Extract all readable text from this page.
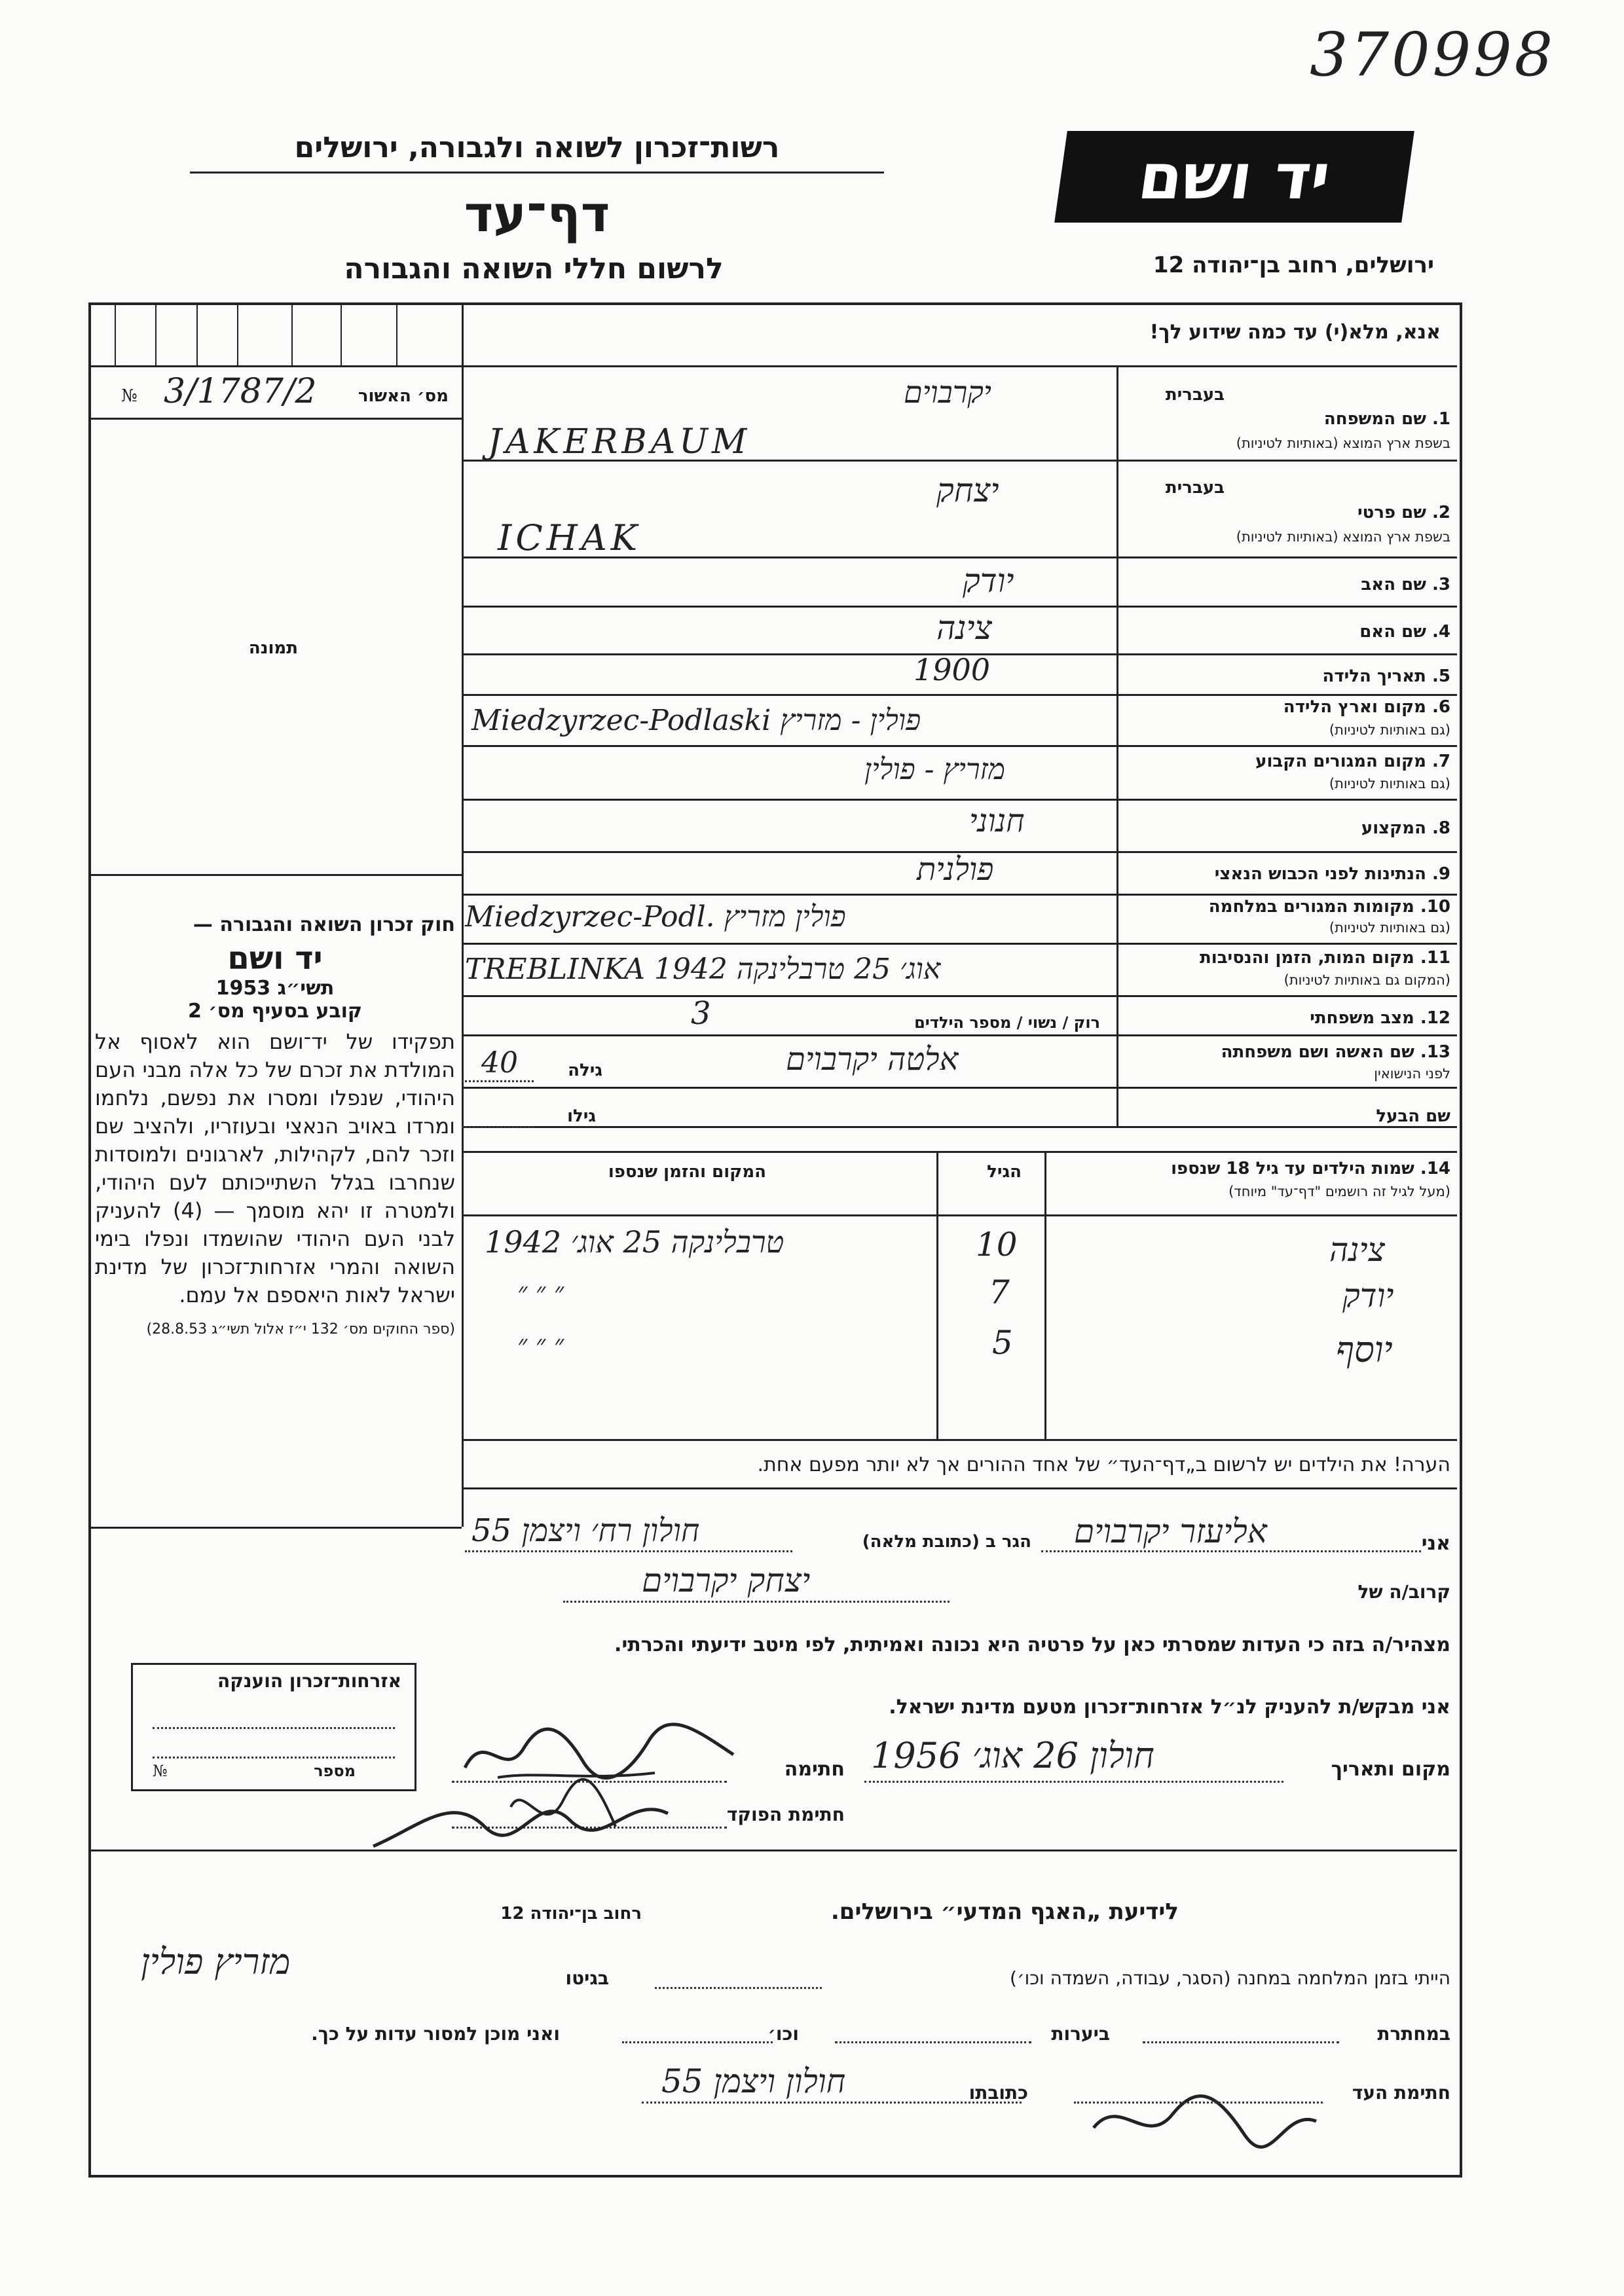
370998
רשות־זכרון לשואה ולגבורה, ירושלים
דף־עד
לרשום חללי השואה והגבורה
יד ושם
ירושלים, רחוב בן־יהודה 12
אנא, מלא(י) עד כמה שידוע לך!
מס׳ האשור
3/1787/2
№
תמונה
בעברית
1. שם המשפחה
בשפת ארץ המוצא (באותיות לטיניות)
יקרבוים
JAKERBAUM
בעברית
2. שם פרטי
בשפת ארץ המוצא (באותיות לטיניות)
יצחק
ICHAK
3. שם האב
יודק
4. שם האם
צינה
5. תאריך הלידה
1900
6. מקום וארץ הלידה
(גם באותיות לטיניות)
Miedzyrzec-Podlaski פולין - מזריץ
7. מקום המגורים הקבוע
(גם באותיות לטיניות)
מזריץ - פולין
8. המקצוע
חנוני
9. הנתינות לפני הכבוש הנאצי
פולנית
10. מקומות המגורים במלחמה
(גם באותיות לטיניות)
Miedzyrzec-Podl. פולין מזריץ
11. מקום המות, הזמן והנסיבות
(המקום גם באותיות לטיניות)
TREBLINKA 1942 אוג׳ 25 טרבלינקה
12. מצב משפחתי
רוק / נשוי / מספר הילדים
3
13. שם האשה ושם משפחתה
לפני הנישואין
אלטה יקרבוים
גילה
40
שם הבעל
גילו
14. שמות הילדים עד גיל 18 שנספו
(מעל לגיל זה רושמים "דף־עד" מיוחד)
הגיל
המקום והזמן שנספו
צינה
10
טרבלינקה 25 אוג׳ 1942
יודק
7
״ ״ ״
יוסף
5
״ ״ ״
הערה! את הילדים יש לרשום ב„דף־העד״ של אחד ההורים אך לא יותר מפעם אחת.
חוק זכרון השואה והגבורה —
יד ושם
תשי״ג 1953
קובע בסעיף מס׳ 2
תפקידו של יד־ושם הוא לאסוף אל המולדת את זכרם של כל אלה מבני העם היהודי, שנפלו ומסרו את נפשם, נלחמו ומרדו באויב הנאצי ובעוזריו, ולהציב שם וזכר להם, לקהילות, לארגונים ולמוסדות שנחרבו בגלל השתייכותם לעם היהודי, ולמטרה זו יהא מוסמך — (4) להעניק לבני העם היהודי שהושמדו ונפלו בימי השואה והמרי אזרחות־זכרון של מדינת ישראל לאות היאספם אל עמם.
(ספר החוקים מס׳ 132 י״ז אלול תשי״ג 28.8.53)
אני
אליעזר יקרבוים
הגר ב (כתובת מלאה)
חולון רח׳ ויצמן 55
קרוב/ה של
יצחק יקרבוים
מצהיר/ה בזה כי העדות שמסרתי כאן על פרטיה היא נכונה ואמיתית, לפי מיטב ידיעתי והכרתי.
אני מבקש/ת להעניק לנ״ל אזרחות־זכרון מטעם מדינת ישראל.
מקום ותאריך
חולון 26 אוג׳ 1956
חתימה
חתימת הפוקד
אזרחות־זכרון הוענקה
№	מספר
לידיעת „האגף המדעי״ בירושלים.
רחוב בן־יהודה 12
הייתי בזמן המלחמה במחנה (הסגר, עבודה, השמדה וכו׳)
בגיטו
מזריץ פולין
במחתרת
ביערות
וכו׳
ואני מוכן למסור עדות על כך.
חתימת העד
כתובתו
חולון ויצמן 55
